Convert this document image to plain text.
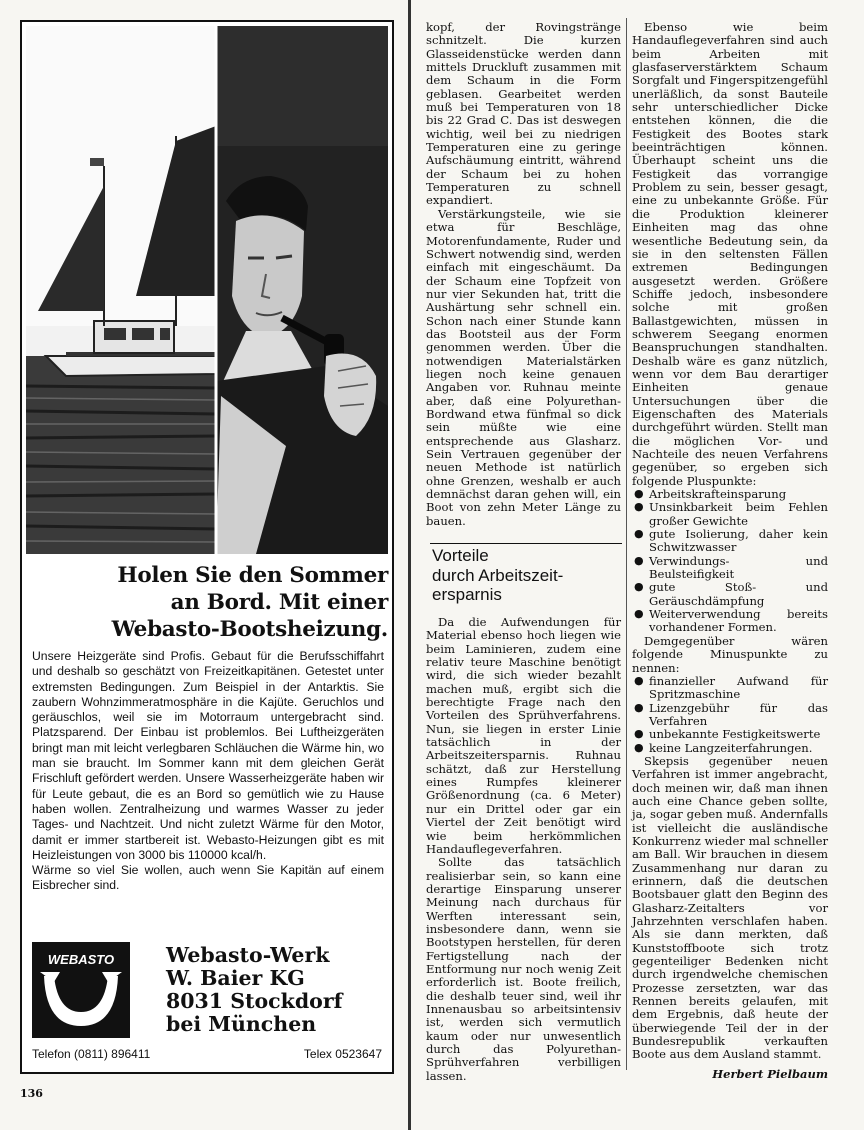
Holen Sie den Sommer
an Bord. Mit einer
Webasto-Bootsheizung.

Unsere Heizgeräte sind Profis. Gebaut für die Berufsschiffahrt und deshalb so geschätzt von Freizeitkapitänen. Getestet unter extremsten Bedingungen. Zum Beispiel in der Antarktis. Sie zaubern Wohnzimmeratmosphäre in die Kajüte. Geruchlos und geräuschlos, weil sie im Motorraum untergebracht sind. Platzsparend. Der Einbau ist problemlos. Bei Luftheizgeräten bringt man mit leicht verlegbaren Schläuchen die Wärme hin, wo man sie braucht. Im Sommer kann mit dem gleichen Gerät Frischluft gefördert werden. Unsere Wasserheizgeräte haben wir für Leute gebaut, die es an Bord so gemütlich wie zu Hause haben wollen. Zentralheizung und warmes Wasser zu jeder Tages- und Nachtzeit. Und nicht zuletzt Wärme für den Motor, damit er immer startbereit ist. Webasto-Heizungen gibt es mit Heizleistungen von 3000 bis 110000 kcal/h.

Wärme so viel Sie wollen, auch wenn Sie Kapitän auf einem Eisbrecher sind.

WEBASTO	Webasto-Werk
W. Baier KG
8031 Stockdorf
bei München
Telefon (0811) 896411	Telex 0523647
136

kopf, der Rovingstränge schnitzelt. Die kurzen Glasseidenstücke werden dann mittels Druckluft zusammen mit dem Schaum in die Form geblasen. Gearbeitet werden muß bei Temperaturen von 18 bis 22 Grad C. Das ist deswegen wichtig, weil bei zu niedrigen Temperaturen eine zu geringe Aufschäumung eintritt, während der Schaum bei zu hohen Temperaturen zu schnell expandiert.

Verstärkungsteile, wie sie etwa für Beschläge, Motorenfundamente, Ruder und Schwert notwendig sind, werden einfach mit eingeschäumt. Da der Schaum eine Topfzeit von nur vier Sekunden hat, tritt die Aushärtung sehr schnell ein. Schon nach einer Stunde kann das Bootsteil aus der Form genommen werden. Über die notwendigen Materialstärken liegen noch keine genauen Angaben vor. Ruhnau meinte aber, daß eine Polyurethan-Bordwand etwa fünfmal so dick sein müßte wie eine entsprechende aus Glasharz. Sein Vertrauen gegenüber der neuen Methode ist natürlich ohne Grenzen, weshalb er auch demnächst daran gehen will, ein Boot von zehn Meter Länge zu bauen.

Vorteile
durch Arbeitszeit-
ersparnis

Da die Aufwendungen für Material ebenso hoch liegen wie beim Laminieren, zudem eine relativ teure Maschine benötigt wird, die sich wieder bezahlt machen muß, ergibt sich die berechtigte Frage nach den Vorteilen des Sprühverfahrens. Nun, sie liegen in erster Linie tatsächlich in der Arbeitszeitersparnis. Ruhnau schätzt, daß zur Herstellung eines Rumpfes kleinerer Größenordnung (ca. 6 Meter) nur ein Drittel oder gar ein Viertel der Zeit benötigt wird wie beim herkömmlichen Handauflegeverfahren.

Sollte das tatsächlich realisierbar sein, so kann eine derartige Einsparung unserer Meinung nach durchaus für Werften interessant sein, insbesondere dann, wenn sie Bootstypen herstellen, für deren Fertigstellung nach der Entformung nur noch wenig Zeit erforderlich ist. Boote freilich, die deshalb teuer sind, weil ihr Innenausbau so arbeitsintensiv ist, werden sich vermutlich kaum oder nur unwesentlich durch das Polyurethan-Sprühverfahren verbilligen lassen.

Ebenso wie beim Handauflegeverfahren sind auch beim Arbeiten mit glasfaserverstärktem Schaum Sorgfalt und Fingerspitzengefühl unerläßlich, da sonst Bauteile sehr unterschiedlicher Dicke entstehen können, die die Festigkeit des Bootes stark beeinträchtigen können. Überhaupt scheint uns die Festigkeit das vorrangige Problem zu sein, besser gesagt, eine zu unbekannte Größe. Für die Produktion kleinerer Einheiten mag das ohne wesentliche Bedeutung sein, da sie in den seltensten Fällen extremen Bedingungen ausgesetzt werden. Größere Schiffe jedoch, insbesondere solche mit großen Ballastgewichten, müssen in schwerem Seegang enormen Beanspruchungen standhalten. Deshalb wäre es ganz nützlich, wenn vor dem Bau derartiger Einheiten genaue Untersuchungen über die Eigenschaften des Materials durchgeführt würden. Stellt man die möglichen Vor- und Nachteile des neuen Verfahrens gegenüber, so ergeben sich folgende Pluspunkte:

● Arbeitskrafteinsparung
● Unsinkbarkeit beim Fehlen großer Gewichte
● gute Isolierung, daher kein Schwitzwasser
● Verwindungs- und Beulsteifigkeit
● gute Stoß- und Geräuschdämpfung
● Weiterverwendung bereits vorhandener Formen.

Demgegenüber wären folgende Minuspunkte zu nennen:

● finanzieller Aufwand für Spritzmaschine
● Lizenzgebühr für das Verfahren
● unbekannte Festigkeitswerte
● keine Langzeiterfahrungen.

Skepsis gegenüber neuen Verfahren ist immer angebracht, doch meinen wir, daß man ihnen auch eine Chance geben sollte, ja, sogar geben muß. Andernfalls ist vielleicht die ausländische Konkurrenz wieder mal schneller am Ball. Wir brauchen in diesem Zusammenhang nur daran zu erinnern, daß die deutschen Bootsbauer glatt den Beginn des Glasharz-Zeitalters vor Jahrzehnten verschlafen haben. Als sie dann merkten, daß Kunststoffboote sich trotz gegenteiliger Bedenken nicht durch irgendwelche chemischen Prozesse zersetzten, war das Rennen bereits gelaufen, mit dem Ergebnis, daß heute der überwiegende Teil der in der Bundesrepublik verkauften Boote aus dem Ausland stammt.

Herbert Pielbaum
